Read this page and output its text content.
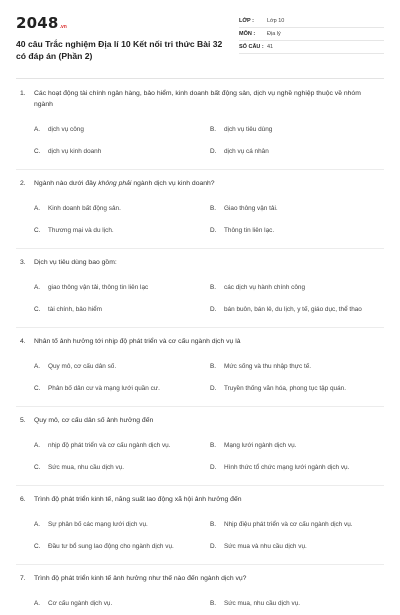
2048 .vn
40 câu Trắc nghiệm Địa lí 10 Kết nối tri thức Bài 32 có đáp án (Phần 2)
LỚP :	Lớp 10
MÔN :	Địa lý
SỐ CÂU : 41
1.	Các hoạt động tài chính ngân hàng, bảo hiểm, kinh doanh bất động sản, dịch vụ nghề nghiệp thuộc về nhóm ngành
A.	dịch vụ công	B.	dịch vụ tiêu dùng
C.	dịch vụ kinh doanh	D.	dịch vụ cá nhân
2.	Ngành nào dưới đây không phải ngành dịch vụ kinh doanh?
A.	Kinh doanh bất động sản.	B.	Giao thông vận tải.
C.	Thương mại và du lịch.	D.	Thông tin liên lạc.
3.	Dịch vụ tiêu dùng bao gồm:
A.	giao thông vận tải, thông tin liên lạc	B.	các dịch vụ hành chính công
C.	tài chính, bảo hiểm	D.	bán buôn, bán lẻ, du lịch, y tế, giáo dục, thể thao
4.	Nhân tố ảnh hưởng tới nhịp độ phát triển và cơ cấu ngành dịch vụ là
A.	Quy mô, cơ cấu dân số.	B.	Mức sống và thu nhập thực tế.
C.	Phân bố dân cư và mạng lưới quần cư.	D.	Truyền thống văn hóa, phong tục tập quán.
5.	Quy mô, cơ cấu dân số ảnh hưởng đến
A.	nhịp độ phát triển và cơ cấu ngành dịch vụ.	B.	Mạng lưới ngành dịch vụ.
C.	Sức mua, nhu cầu dịch vụ.	D.	Hình thức tổ chức mạng lưới ngành dịch vụ.
6.	Trình độ phát triển kinh tế, năng suất lao động xã hội ảnh hưởng đến
A.	Sự phân bố các mạng lưới dịch vụ.	B.	Nhịp điệu phát triển và cơ cấu ngành dịch vụ.
C.	Đầu tư bổ sung lao động cho ngành dịch vụ.	D.	Sức mua và nhu cầu dịch vụ.
7.	Trình độ phát triển kinh tế ảnh hưởng như thế nào đến ngành dịch vụ?
A.	Cơ cấu ngành dịch vụ.	B.	Sức mua, nhu cầu dịch vụ.
